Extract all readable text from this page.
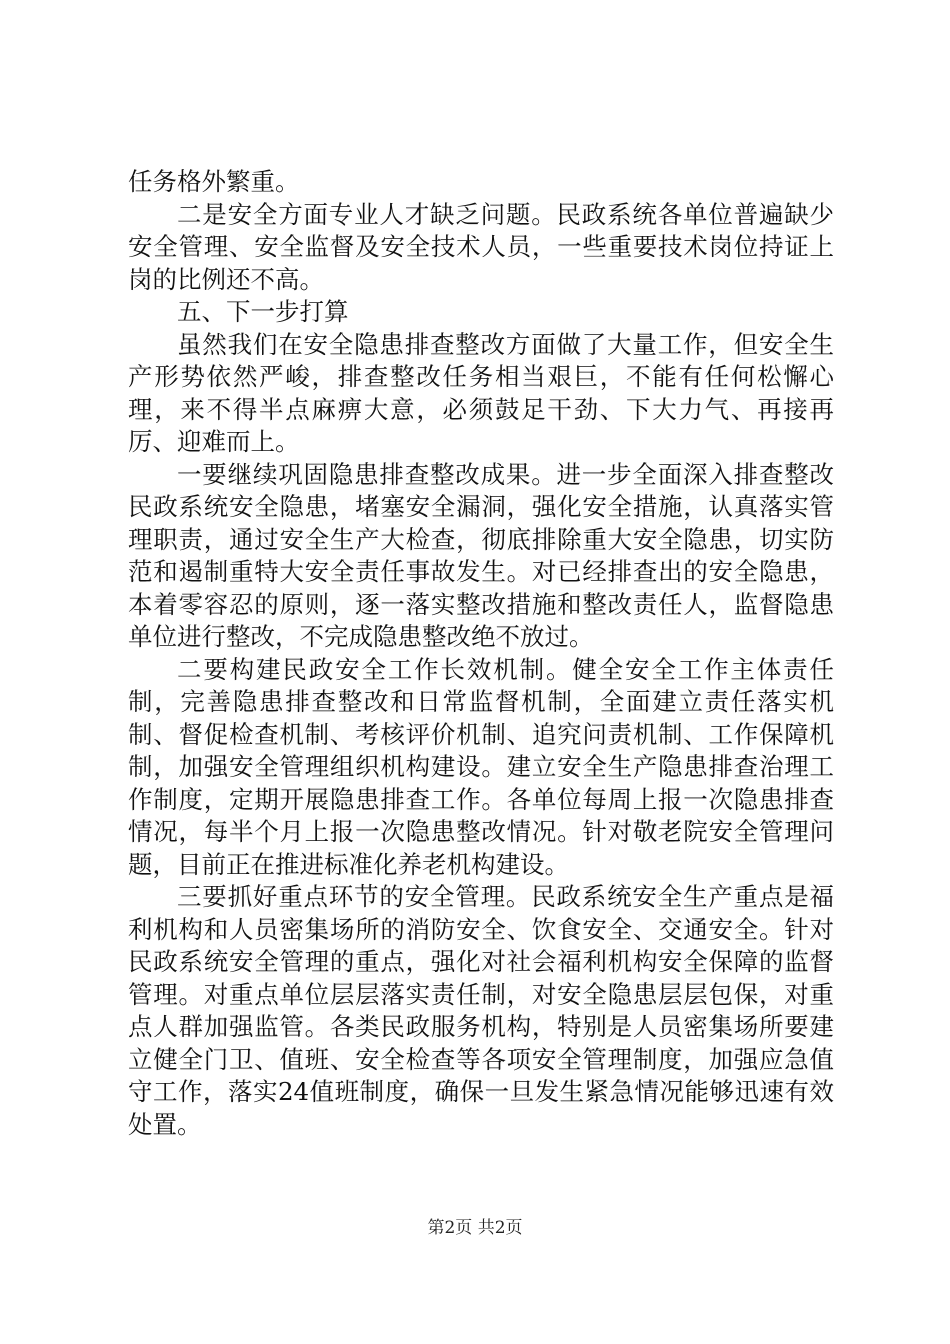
任务格外繁重。

二是安全方面专业人才缺乏问题。民政系统各单位普遍缺少安全管理、安全监督及安全技术人员，一些重要技术岗位持证上岗的比例还不高。

五、下一步打算

虽然我们在安全隐患排查整改方面做了大量工作，但安全生产形势依然严峻，排查整改任务相当艰巨，不能有任何松懈心理，来不得半点麻痹大意，必须鼓足干劲、下大力气、再接再厉、迎难而上。

一要继续巩固隐患排查整改成果。进一步全面深入排查整改民政系统安全隐患，堵塞安全漏洞，强化安全措施，认真落实管理职责，通过安全生产大检查，彻底排除重大安全隐患，切实防范和遏制重特大安全责任事故发生。对已经排查出的安全隐患，本着零容忍的原则，逐一落实整改措施和整改责任人，监督隐患单位进行整改，不完成隐患整改绝不放过。

二要构建民政安全工作长效机制。健全安全工作主体责任制，完善隐患排查整改和日常监督机制，全面建立责任落实机制、督促检查机制、考核评价机制、追究问责机制、工作保障机制，加强安全管理组织机构建设。建立安全生产隐患排查治理工作制度，定期开展隐患排查工作。各单位每周上报一次隐患排查情况，每半个月上报一次隐患整改情况。针对敬老院安全管理问题，目前正在推进标准化养老机构建设。

三要抓好重点环节的安全管理。民政系统安全生产重点是福利机构和人员密集场所的消防安全、饮食安全、交通安全。针对民政系统安全管理的重点，强化对社会福利机构安全保障的监督管理。对重点单位层层落实责任制，对安全隐患层层包保，对重点人群加强监管。各类民政服务机构，特别是人员密集场所要建立健全门卫、值班、安全检查等各项安全管理制度，加强应急值守工作，落实24值班制度，确保一旦发生紧急情况能够迅速有效处置。

第2页 共2页
